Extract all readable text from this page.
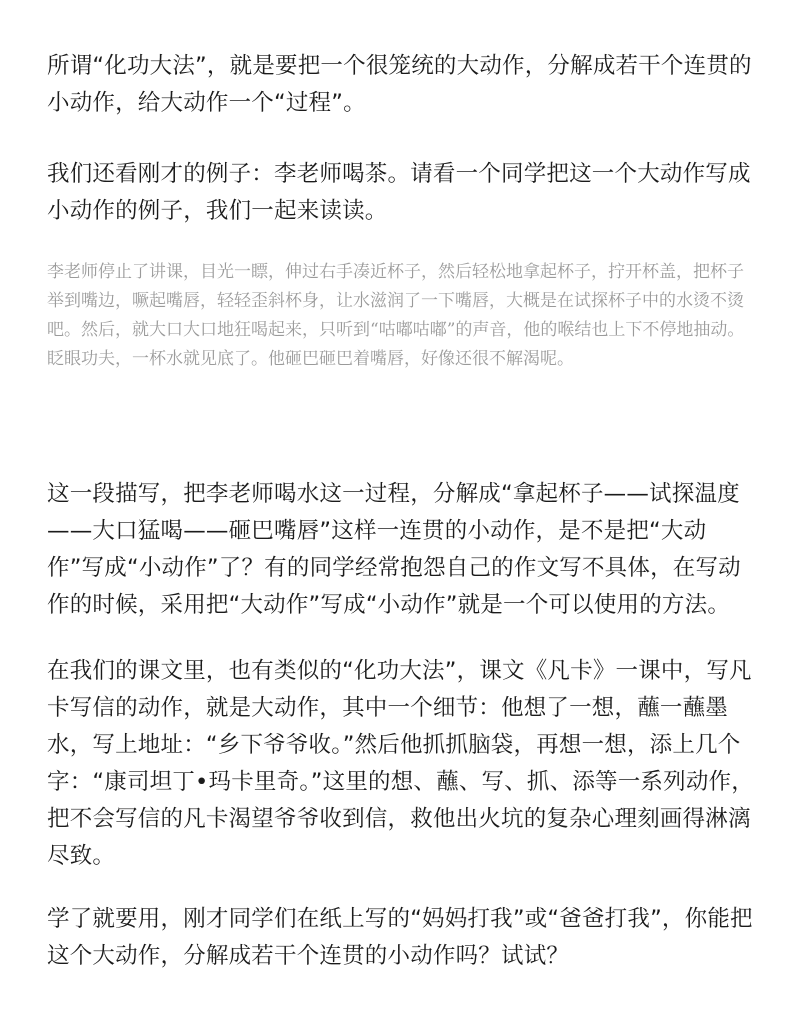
所谓“化功大法”，就是要把一个很笼统的大动作，分解成若干个连贯的小动作，给大动作一个“过程”。

我们还看刚才的例子：李老师喝茶。请看一个同学把这一个大动作写成小动作的例子，我们一起来读读。

李老师停止了讲课，目光一瞟，伸过右手凑近杯子，然后轻松地拿起杯子，拧开杯盖，把杯子举到嘴边，噘起嘴唇，轻轻歪斜杯身，让水滋润了一下嘴唇，大概是在试探杯子中的水烫不烫吧。然后，就大口大口地狂喝起来，只听到“咕嘟咕嘟”的声音，他的喉结也上下不停地抽动。眨眼功夫，一杯水就见底了。他砸巴砸巴着嘴唇，好像还很不解渴呢。

这一段描写，把李老师喝水这一过程，分解成“拿起杯子——试探温度——大口猛喝——砸巴嘴唇”这样一连贯的小动作，是不是把“大动作”写成“小动作”了？有的同学经常抱怨自己的作文写不具体，在写动作的时候，采用把“大动作”写成“小动作”就是一个可以使用的方法。

在我们的课文里，也有类似的“化功大法”，课文《凡卡》一课中，写凡卡写信的动作，就是大动作，其中一个细节：他想了一想，蘸一蘸墨水，写上地址：“乡下爷爷收。”然后他抓抓脑袋，再想一想，添上几个字：“康司坦丁•玛卡里奇。”这里的想、蘸、写、抓、添等一系列动作，把不会写信的凡卡渴望爷爷收到信，救他出火坑的复杂心理刻画得淋漓尽致。

学了就要用，刚才同学们在纸上写的“妈妈打我”或“爸爸打我”，你能把这个大动作，分解成若干个连贯的小动作吗？试试？
